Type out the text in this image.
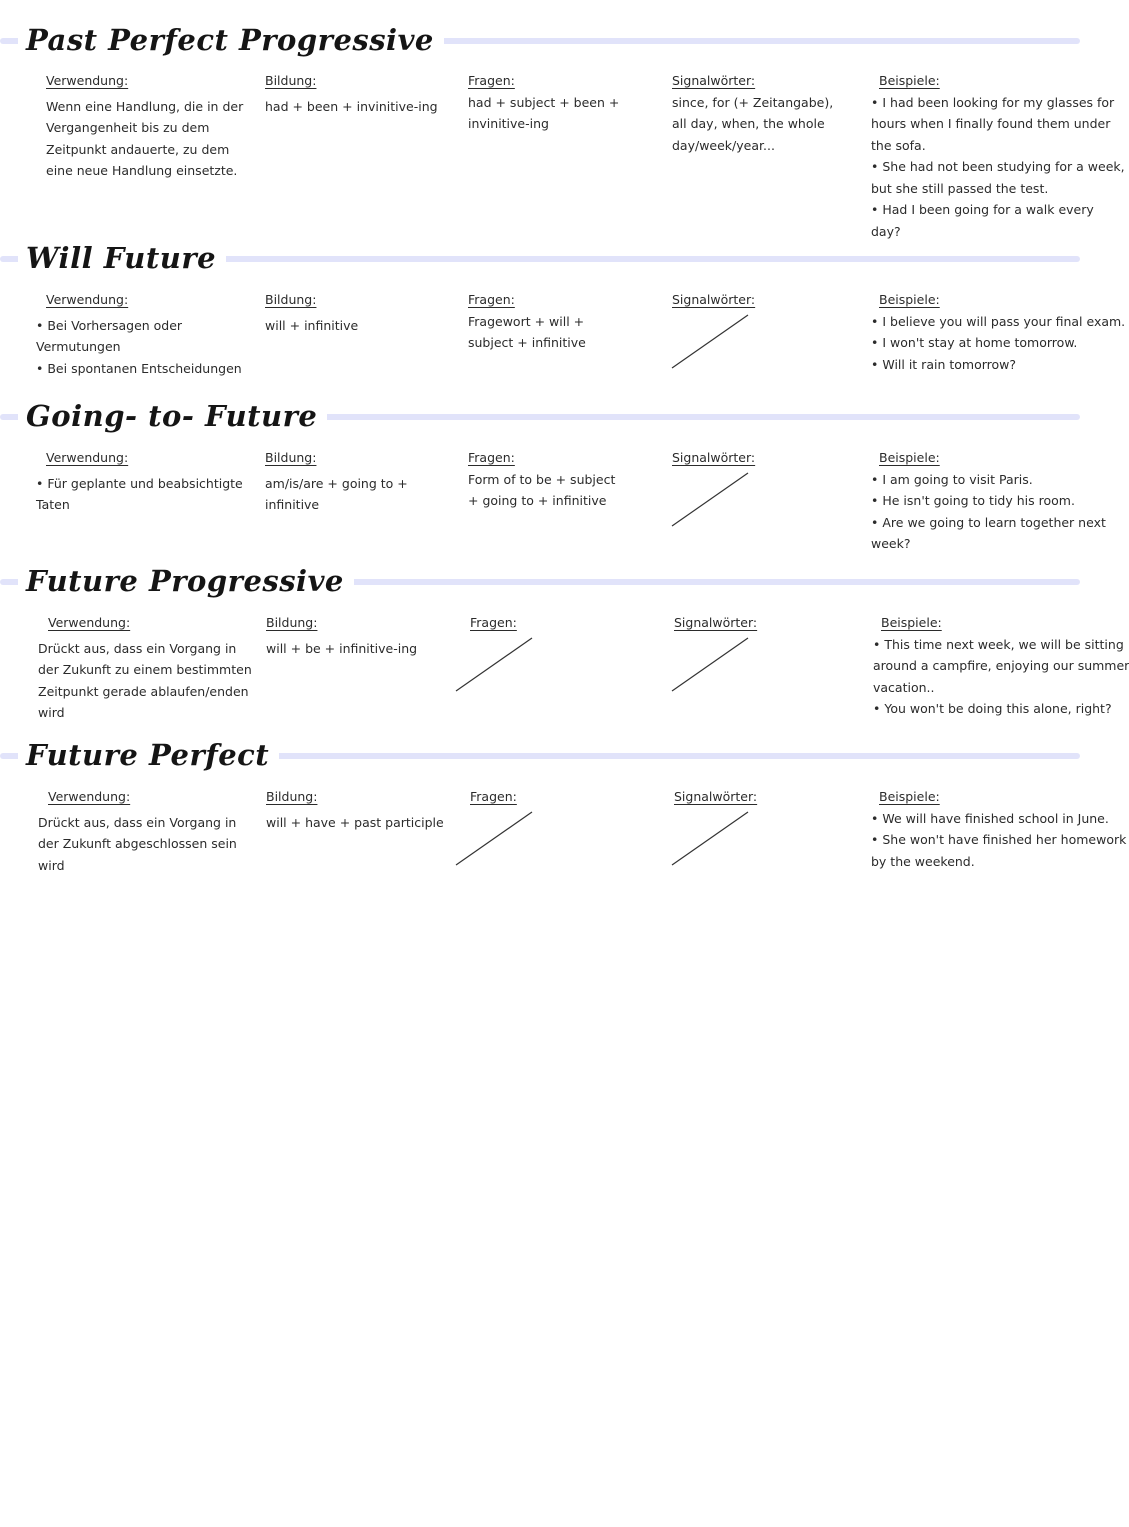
Past Perfect Progressive
Verwendung:
Wenn eine Handlung, die in der
Vergangenheit bis zu dem
Zeitpunkt andauerte, zu dem
eine neue Handlung einsetzte.
Bildung:
had + been + invinitive-ing
Fragen:
had + subject + been +
invinitive-ing
Signalwörter:
since, for (+ Zeitangabe),
all day, when, the whole
day/week/year...
Beispiele:
• I had been looking for my glasses for
hours when I finally found them under
the sofa.
• She had not been studying for a week,
but she still passed the test.
• Had I been going for a walk every
day?
Will Future
Verwendung:
• Bei Vorhersagen oder
Vermutungen
• Bei spontanen Entscheidungen
Bildung:
will + infinitive
Fragen:
Fragewort + will +
subject + infinitive
Signalwörter:	Beispiele:
• I believe you will pass your final exam.
• I won't stay at home tomorrow.
• Will it rain tomorrow?
Going- to- Future
Verwendung:
• Für geplante und beabsichtigte
Taten
Bildung:
am/is/are + going to +
infinitive
Fragen:
Form of to be + subject
+ going to + infinitive
Signalwörter:	Beispiele:
• I am going to visit Paris.
• He isn't going to tidy his room.
• Are we going to learn together next
week?
Future Progressive
Verwendung:
Drückt aus, dass ein Vorgang in
der Zukunft zu einem bestimmten
Zeitpunkt gerade ablaufen/enden
wird
Bildung:
will + be + infinitive-ing
Fragen:	Signalwörter:	Beispiele:
• This time next week, we will be sitting
around a campfire, enjoying our summer
vacation..
• You won't be doing this alone, right?
Future Perfect
Verwendung:
Drückt aus, dass ein Vorgang in
der Zukunft abgeschlossen sein
wird
Bildung:
will + have + past participle
Fragen:	Signalwörter:	Beispiele:
• We will have finished school in June.
• She won't have finished her homework
by the weekend.
